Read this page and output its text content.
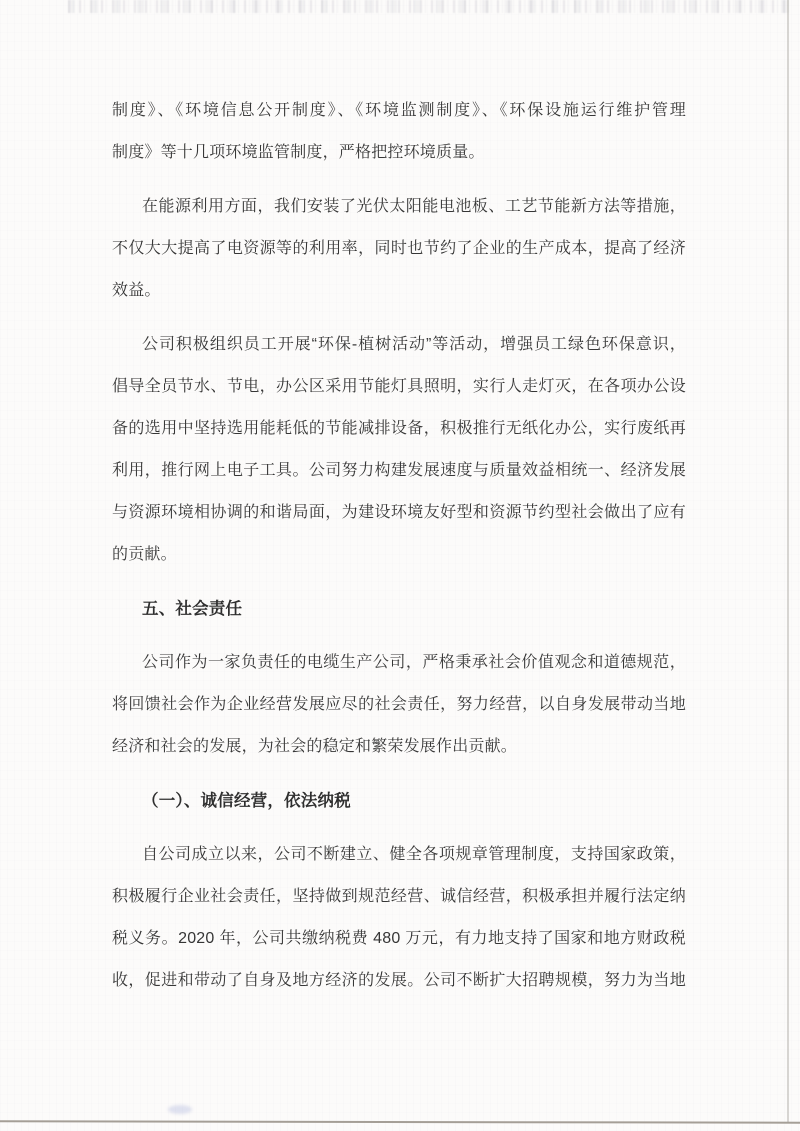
制度》、《环境信息公开制度》、《环境监测制度》、《环保设施运行维护管理
制度》等十几项环境监管制度，严格把控环境质量。
在能源利用方面，我们安装了光伏太阳能电池板、工艺节能新方法等措施，
不仅大大提高了电资源等的利用率，同时也节约了企业的生产成本，提高了经济
效益。
公司积极组织员工开展“环保-植树活动”等活动，增强员工绿色环保意识，
倡导全员节水、节电，办公区采用节能灯具照明，实行人走灯灭，在各项办公设
备的选用中坚持选用能耗低的节能减排设备，积极推行无纸化办公，实行废纸再
利用，推行网上电子工具。公司努力构建发展速度与质量效益相统一、经济发展
与资源环境相协调的和谐局面，为建设环境友好型和资源节约型社会做出了应有
的贡献。
五、社会责任
公司作为一家负责任的电缆生产公司，严格秉承社会价值观念和道德规范，
将回馈社会作为企业经营发展应尽的社会责任，努力经营，以自身发展带动当地
经济和社会的发展，为社会的稳定和繁荣发展作出贡献。
（一）、诚信经营，依法纳税
自公司成立以来，公司不断建立、健全各项规章管理制度，支持国家政策，
积极履行企业社会责任，坚持做到规范经营、诚信经营，积极承担并履行法定纳
税义务。2020 年，公司共缴纳税费 480 万元，有力地支持了国家和地方财政税
收，促进和带动了自身及地方经济的发展。公司不断扩大招聘规模，努力为当地
